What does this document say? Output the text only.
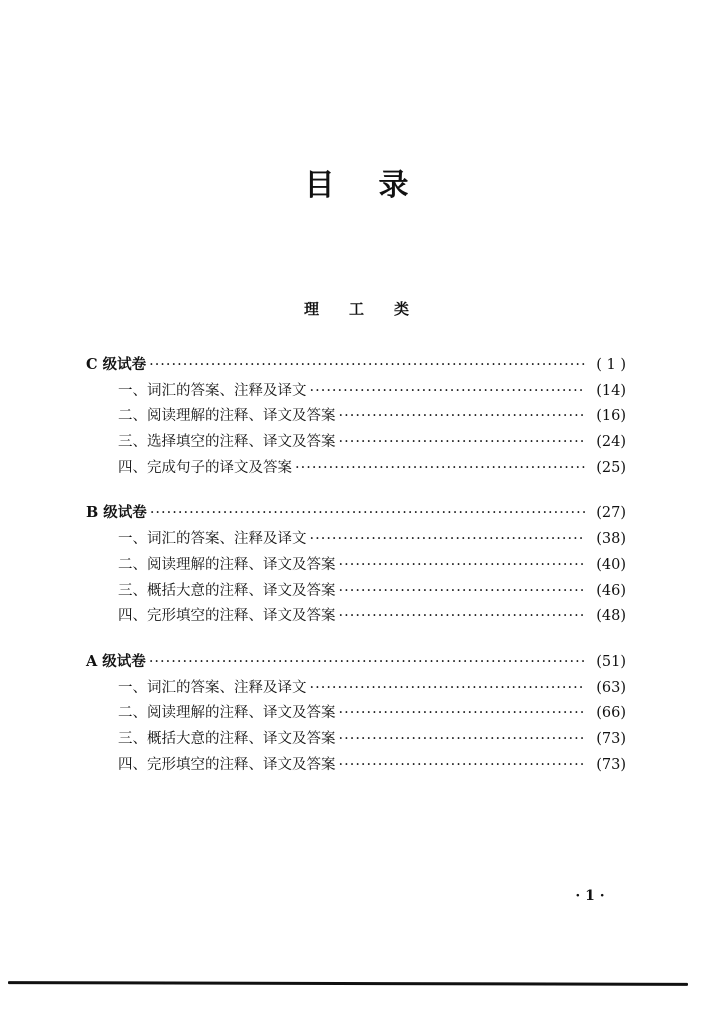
目录
理工类
C 级试卷 ·····	( 1 )
一、词汇的答案、注释及译文 ·····	(14)
二、阅读理解的注释、译文及答案 ·····	(16)
三、选择填空的注释、译文及答案 ·····	(24)
四、完成句子的译文及答案 ·····	(25)
B 级试卷 ·····	(27)
一、词汇的答案、注释及译文 ·····	(38)
二、阅读理解的注释、译文及答案 ·····	(40)
三、概括大意的注释、译文及答案 ·····	(46)
四、完形填空的注释、译文及答案 ·····	(48)
A 级试卷 ·····	(51)
一、词汇的答案、注释及译文 ·····	(63)
二、阅读理解的注释、译文及答案 ·····	(66)
三、概括大意的注释、译文及答案 ·····	(73)
四、完形填空的注释、译文及答案 ·····	(73)
· 1 ·
